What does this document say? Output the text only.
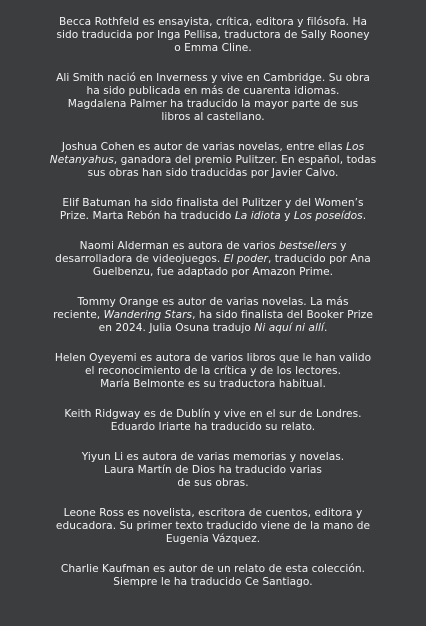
Becca Rothfeld es ensayista, crítica, editora y filósofa. Ha
sido traducida por Inga Pellisa, traductora de Sally Rooney
o Emma Cline.

Ali Smith nació en Inverness y vive en Cambridge. Su obra
ha sido publicada en más de cuarenta idiomas.
Magdalena Palmer ha traducido la mayor parte de sus
libros al castellano.

Joshua Cohen es autor de varias novelas, entre ellas Los
Netanyahus, ganadora del premio Pulitzer. En español, todas
sus obras han sido traducidas por Javier Calvo.

Elif Batuman ha sido finalista del Pulitzer y del Women’s
Prize. Marta Rebón ha traducido La idiota y Los poseídos.

Naomi Alderman es autora de varios bestsellers y
desarrolladora de videojuegos. El poder, traducido por Ana
Guelbenzu, fue adaptado por Amazon Prime.

Tommy Orange es autor de varias novelas. La más
reciente, Wandering Stars, ha sido finalista del Booker Prize
en 2024. Julia Osuna tradujo Ni aquí ni allí.

Helen Oyeyemi es autora de varios libros que le han valido
el reconocimiento de la crítica y de los lectores.
María Belmonte es su traductora habitual.

Keith Ridgway es de Dublín y vive en el sur de Londres.
Eduardo Iriarte ha traducido su relato.

Yiyun Li es autora de varias memorias y novelas.
Laura Martín de Dios ha traducido varias
de sus obras.

Leone Ross es novelista, escritora de cuentos, editora y
educadora. Su primer texto traducido viene de la mano de
Eugenia Vázquez.

Charlie Kaufman es autor de un relato de esta colección.
Siempre le ha traducido Ce Santiago.
